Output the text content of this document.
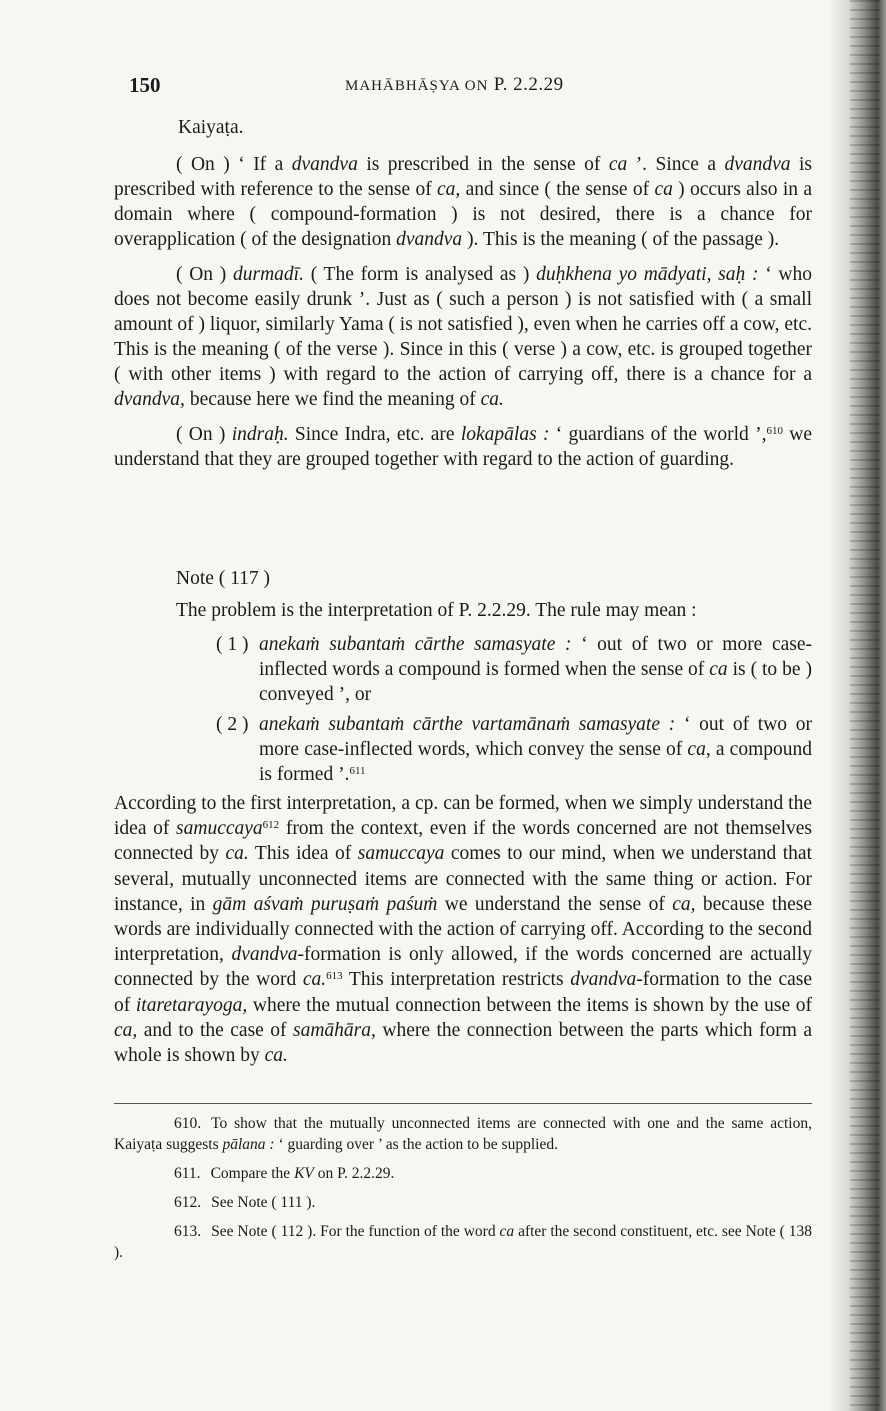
150	MAHĀBHĀṢYA ON P. 2.2.29
Kaiyaṭa.

( On ) ‘ If a dvandva is prescribed in the sense of ca ’. Since a dvandva is prescribed with reference to the sense of ca, and since ( the sense of ca ) occurs also in a domain where ( compound-formation ) is not desired, there is a chance for overapplication ( of the designation dvandva ). This is the meaning ( of the passage ).

( On ) durmadī. ( The form is analysed as ) duḥkhena yo mādyati, saḥ : ‘ who does not become easily drunk ’. Just as ( such a person ) is not satisfied with ( a small amount of ) liquor, similarly Yama ( is not satisfied ), even when he carries off a cow, etc. This is the meaning ( of the verse ). Since in this ( verse ) a cow, etc. is grouped together ( with other items ) with regard to the action of carrying off, there is a chance for a dvandva, because here we find the meaning of ca.

( On ) indraḥ. Since Indra, etc. are lokapālas : ‘ guardians of the world ’,$^{610}$ we understand that they are grouped together with regard to the action of guarding.

Note ( 117 )
The problem is the interpretation of P. 2.2.29. The rule may mean :
( 1 ) anekaṁ subantaṁ cārthe samasyate : ‘ out of two or more case-inflected words a compound is formed when the sense of ca is ( to be ) conveyed ’, or
( 2 ) anekaṁ subantaṁ cārthe vartamānaṁ samasyate : ‘ out of two or more case-inflected words, which convey the sense of ca, a compound is formed ’.$^{611}$
According to the first interpretation, a cp. can be formed, when we simply understand the idea of samuccaya$^{612}$ from the context, even if the words concerned are not themselves connected by ca. This idea of samuccaya comes to our mind, when we understand that several, mutually unconnected items are connected with the same thing or action. For instance, in gām aśvaṁ puruṣaṁ paśuṁ we understand the sense of ca, because these words are individually connected with the action of carrying off. According to the second interpretation, dvandva-formation is only allowed, if the words concerned are actually connected by the word ca.$^{613}$ This interpretation restricts dvandva-formation to the case of itaretarayoga, where the mutual connection between the items is shown by the use of ca, and to the case of samāhāra, where the connection between the parts which form a whole is shown by ca.
610. To show that the mutually unconnected items are connected with one and the same action, Kaiyaṭa suggests pālana : ‘ guarding over ’ as the action to be supplied.
611. Compare the KV on P. 2.2.29.
612. See Note ( 111 ).
613. See Note ( 112 ). For the function of the word ca after the second constituent, etc. see Note ( 138 ).
